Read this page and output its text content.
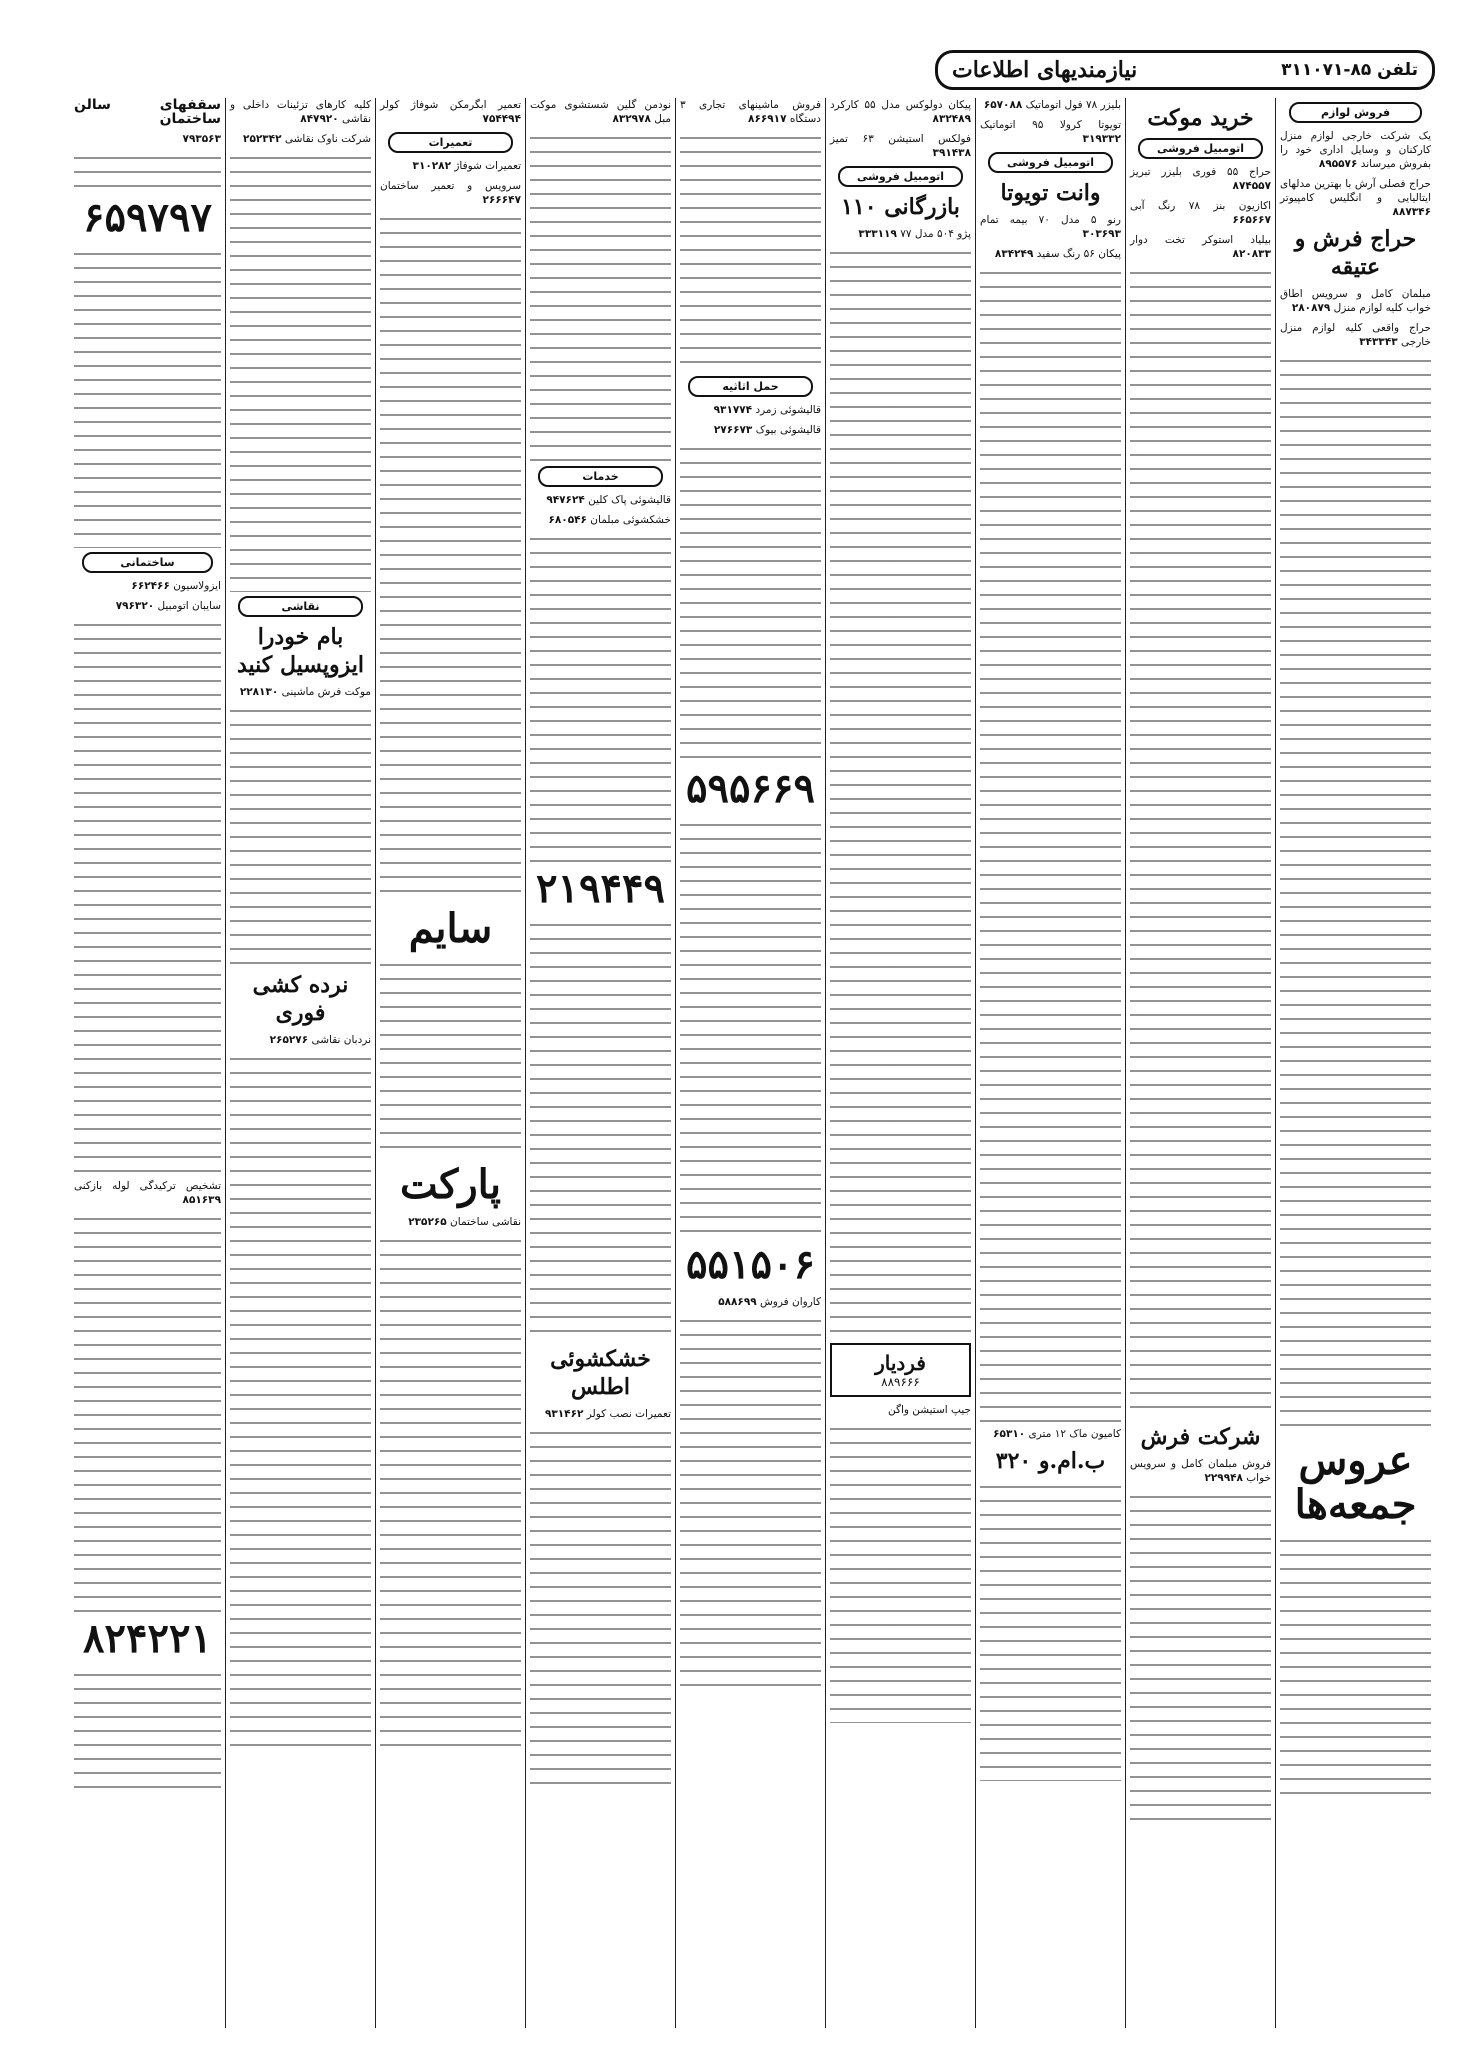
نیازمندیهای اطلاعات	تلفن ۸۵-۳۱۱۰۷۱
فروش لوازم
یک شرکت خارجی لوازم منزل کارکنان و وسایل اداری خود را بفروش میرساند ۸۹۵۵۷۶
حراج فصلی آرش با بهترین مدلهای ایتالیایی و انگلیس کامپیوتر ۸۸۷۳۴۶
حراج فرش و عتیقه
مبلمان کامل و سرویس اطاق خواب کلیه لوازم منزل ۲۸۰۸۷۹
حراج واقعی کلیه لوازم منزل خارجی ۳۴۳۳۴۳
عروس جمعه‌ها
خرید موکت
اتومبیل فروشی
حراج ۵۵ فوری بلیزر تبریز ۸۷۴۵۵۷
اکازیون بنز ۷۸ رنگ آبی ۶۶۵۶۶۷
بیلیاد استوکر تخت دوار ۸۲۰۸۳۳
شرکت فرش
فروش مبلمان کامل و سرویس خواب ۲۲۹۹۴۸
بلیزر ۷۸ فول اتوماتیک ۶۵۷۰۸۸
تویوتا کرولا ۹۵ اتوماتیک ۳۱۹۳۳۲
اتومبیل فروشی
وانت تویوتا
رنو ۵ مدل ۷۰ بیمه تمام ۳۰۳۶۹۳
پیکان ۵۶ رنگ سفید ۸۳۴۲۴۹
کامیون ماک ۱۲ متری ۶۵۳۱۰
ب.ام.و ۳۲۰
پیکان دولوکس مدل ۵۵ کارکرد ۸۳۲۴۸۹
فولکس استیشن ۶۳ تمیز ۳۹۱۴۳۸
اتومبیل فروشی
بازرگانی ۱۱۰
پژو ۵۰۴ مدل ۷۷ ۳۳۳۱۱۹
فردیار
۸۸۹۶۶۶
جیپ استیشن واگن
فروش ماشینهای تجاری ۳ دستگاه ۸۶۶۹۱۷
حمل اثاثیه
قالیشوئی زمرد ۹۳۱۷۷۴
قالیشوئی بیوک ۲۷۶۶۷۳
۵۹۵۶۶۹
۵۵۱۵۰۶
کاروان فروش ۵۸۸۶۹۹
نودمن گلین شستشوی موکت مبل ۸۳۲۹۷۸
خدمات
قالیشوئی پاک کلین ۹۴۷۶۲۴
خشکشوئی مبلمان ۶۸۰۵۴۶
۲۱۹۴۴۹
خشکشوئی اطلس
تعمیرات نصب کولر ۹۳۱۴۶۲
تعمیر ابگرمکن شوفاژ کولر ۷۵۴۴۹۴
تعمیرات
تعمیرات شوفاژ ۳۱۰۲۸۲
سرویس و تعمیر ساختمان ۲۶۶۶۴۷
سایم
پارکت
نقاشی ساختمان ۲۳۵۲۶۵
کلیه کارهای تزئینات داخلی و نقاشی ۸۴۷۹۲۰
شرکت ناوک نقاشی ۲۵۲۳۴۲
نقاشی
بام خودرا ایزوپسیل کنید
موکت فرش ماشینی ۲۲۸۱۳۰
نرده کشی فوری
نردبان نقاشی ۲۶۵۲۷۶
سقفهای سالن ساختمان
۷۹۳۵۶۳
۶۵۹۷۹۷
ساختمانی
ایزولاسیون ۶۶۲۴۶۶
سایبان اتومبیل ۷۹۶۳۲۰
تشخیص ترکیدگی لوله بازکنی ۸۵۱۶۳۹
۸۲۴۲۲۱
